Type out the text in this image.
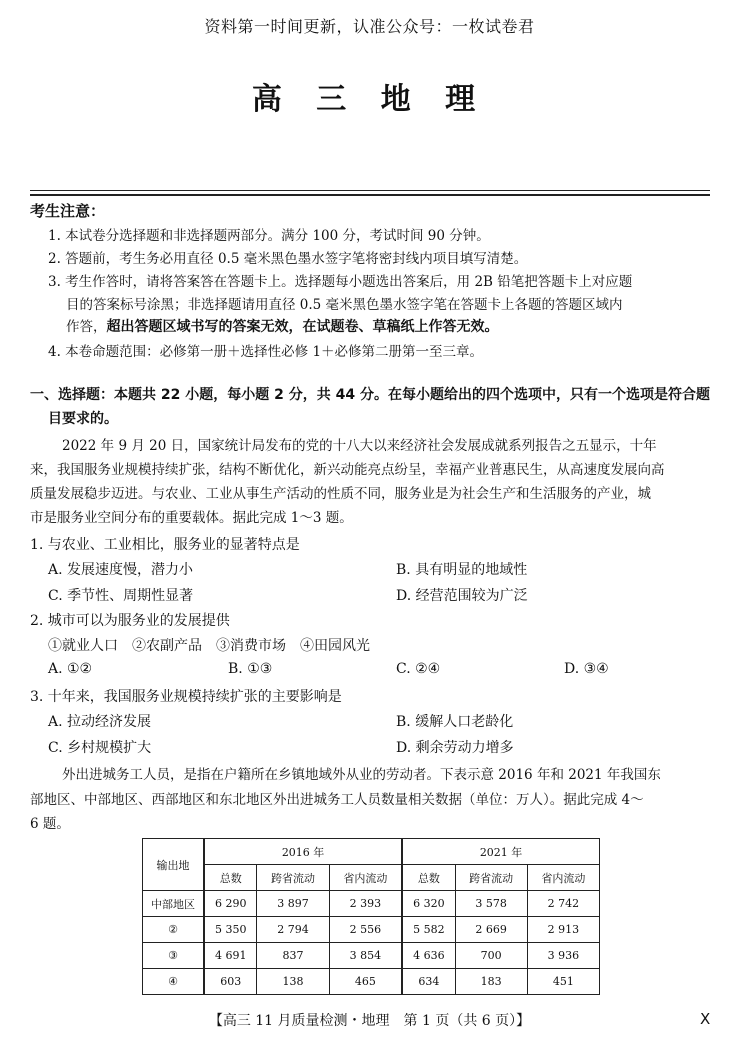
资料第一时间更新，认准公众号：一枚试卷君
高 三 地 理
考生注意：
1. 本试卷分选择题和非选择题两部分。满分 100 分，考试时间 90 分钟。
2. 答题前，考生务必用直径 0.5 毫米黑色墨水签字笔将密封线内项目填写清楚。
3. 考生作答时，请将答案答在答题卡上。选择题每小题选出答案后，用 2B 铅笔把答题卡上对应题
目的答案标号涂黑；非选择题请用直径 0.5 毫米黑色墨水签字笔在答题卡上各题的答题区域内
作答，超出答题区域书写的答案无效，在试题卷、草稿纸上作答无效。
4. 本卷命题范围：必修第一册＋选择性必修 1＋必修第二册第一至三章。
一、选择题：本题共 22 小题，每小题 2 分，共 44 分。在每小题给出的四个选项中，只有一个选项是符合题
目要求的。
2022 年 9 月 20 日，国家统计局发布的党的十八大以来经济社会发展成就系列报告之五显示，十年
来，我国服务业规模持续扩张，结构不断优化，新兴动能亮点纷呈，幸福产业普惠民生，从高速度发展向高
质量发展稳步迈进。与农业、工业从事生产活动的性质不同，服务业是为社会生产和生活服务的产业，城
市是服务业空间分布的重要载体。据此完成 1～3 题。
1. 与农业、工业相比，服务业的显著特点是
A. 发展速度慢，潜力小	B. 具有明显的地域性
C. 季节性、周期性显著	D. 经营范围较为广泛
2. 城市可以为服务业的发展提供
①就业人口　②农副产品　③消费市场　④田园风光
A. ①②	B. ①③	C. ②④	D. ③④
3. 十年来，我国服务业规模持续扩张的主要影响是
A. 拉动经济发展	B. 缓解人口老龄化
C. 乡村规模扩大	D. 剩余劳动力增多
外出进城务工人员，是指在户籍所在乡镇地域外从业的劳动者。下表示意 2016 年和 2021 年我国东
部地区、中部地区、西部地区和东北地区外出进城务工人员数量相关数据（单位：万人）。据此完成 4～
6 题。
输出地	2016 年			2021 年		
	总数	跨省流动	省内流动	总数	跨省流动	省内流动
中部地区	6 290	3 897	2 393	6 320	3 578	2 742
②	5 350	2 794	2 556	5 582	2 669	2 913
③	4 691	837	3 854	4 636	700	3 936
④	603	138	465	634	183	451
【高三 11 月质量检测・地理　第 1 页（共 6 页）】	X
